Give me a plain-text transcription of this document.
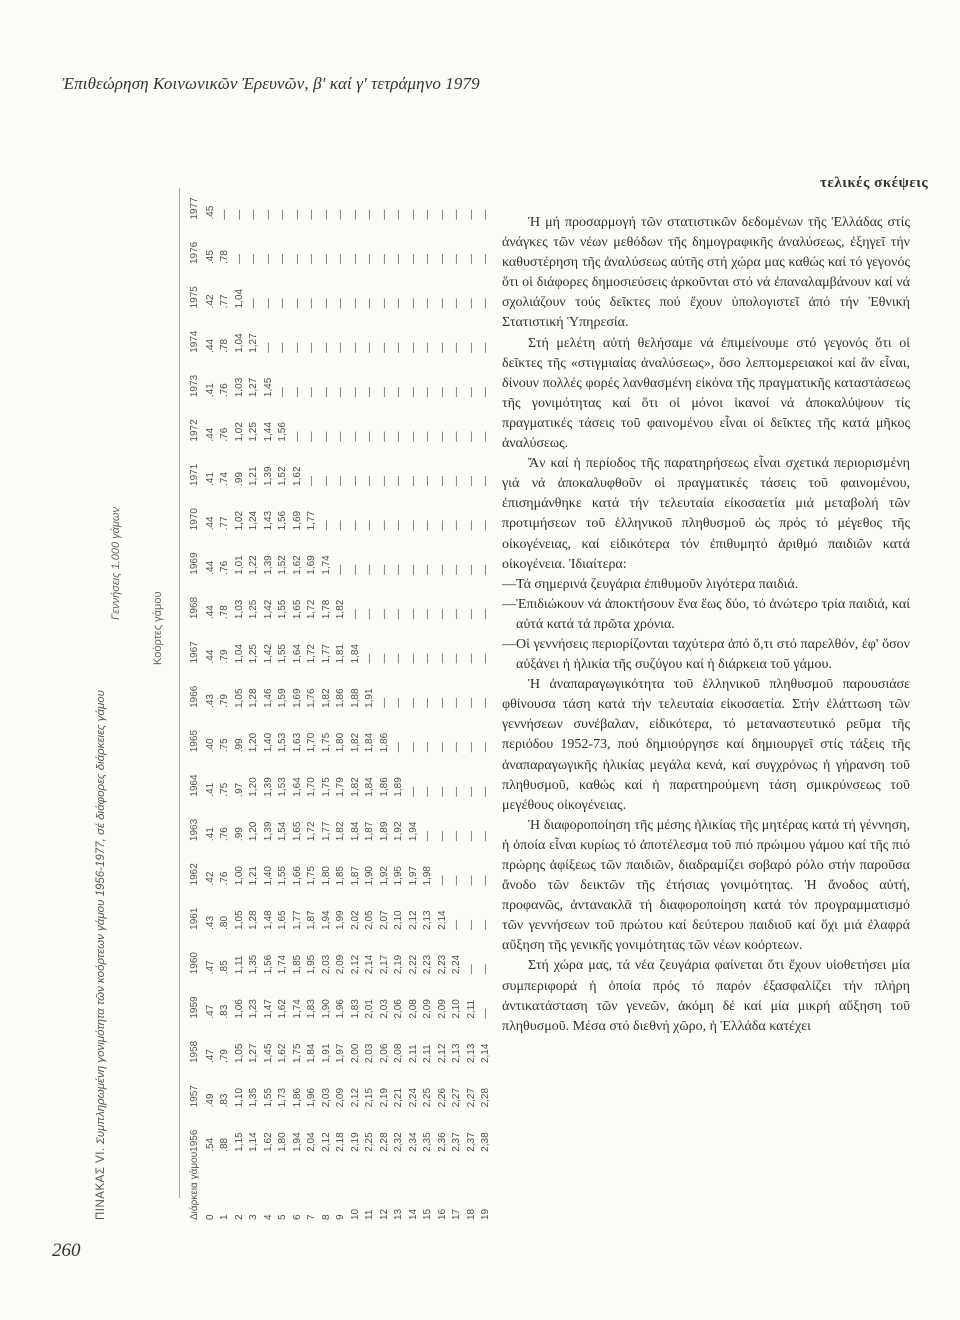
Ἐπιθεώρηση Κοινωνικῶν Ἐρευνῶν, β' καί γ' τετράμηνο 1979
ΠΙΝΑΚΑΣ VI. Συμπληρωμένη γονιμότητα τῶν κοόρτεων γάμου 1956-1977, σέ διάφορες διάρκειες γάμου
Γεννήσεις 1.000 γάμων
Κοόρτες γάμου
Διάρκεια γάμου	1956	1957	1958	1959	1960	1961	1962	1963	1964	1965	1966	1967	1968	1969	1970	1971	1972	1973	1974	1975	1976	1977
0	.54	.49	.47	.47	.47	.43	.42	.41	.41	.40	.43	.44	.44	.44	.44	.41	.44	.41	.44	.42	.45	.45
1	.88	.83	.79	.83	.85	.80	.76	.76	.75	.75	.79	.79	.78	.76	.77	.74	.76	.76	.78	.77	.78	—
2	1,15	1,10	1,05	1,06	1,11	1,05	1,00	.99	.97	.99	1,05	1,04	1,03	1,01	1,02	.99	1,02	1,03	1,04	1,04	—	—
3	1,14	1,35	1,27	1,23	1,35	1,28	1,21	1,20	1,20	1,20	1,28	1,25	1,25	1,22	1,24	1,21	1,25	1,27	1,27	—	—	—
4	1,62	1,55	1,45	1,47	1,56	1,48	1,40	1,39	1,39	1,40	1,46	1,42	1,42	1,39	1,43	1,39	1,44	1,45	—	—	—	—
5	1,80	1,73	1,62	1,62	1,74	1,65	1,55	1,54	1,53	1,53	1,59	1,55	1,55	1,52	1,56	1,52	1,56	—	—	—	—	—
6	1,94	1,86	1,75	1,74	1,85	1,77	1,66	1,65	1,64	1,63	1,69	1,64	1,65	1,62	1,69	1,62	—	—	—	—	—	—
7	2,04	1,96	1,84	1,83	1,95	1,87	1,75	1,72	1,70	1,70	1,76	1,72	1,72	1,69	1,77	—	—	—	—	—	—	—
8	2,12	2,03	1,91	1,90	2,03	1,94	1,80	1,77	1,75	1,75	1,82	1,77	1,78	1,74	—	—	—	—	—	—	—	—
9	2,18	2,09	1,97	1,96	2,09	1,99	1,85	1,82	1,79	1,80	1,86	1,81	1,82	—	—	—	—	—	—	—	—	—
10	2,19	2,12	2,00	1,83	2,12	2,02	1,87	1,84	1,82	1,82	1,88	1,84	—	—	—	—	—	—	—	—	—	—
11	2,25	2,15	2,03	2,01	2,14	2,05	1,90	1,87	1,84	1,84	1,91	—	—	—	—	—	—	—	—	—	—	—
12	2,28	2,19	2,06	2,03	2,17	2,07	1,92	1,89	1,86	1,86	—	—	—	—	—	—	—	—	—	—	—	—
13	2,32	2,21	2,08	2,06	2,19	2,10	1,95	1,92	1,89	—	—	—	—	—	—	—	—	—	—	—	—	—
14	2,34	2,24	2,11	2,08	2,22	2,12	1,97	1,94	—	—	—	—	—	—	—	—	—	—	—	—	—	—
15	2,35	2,25	2,11	2,09	2,23	2,13	1,98	—	—	—	—	—	—	—	—	—	—	—	—	—	—	—
16	2,36	2,26	2,12	2,09	2,23	2,14	—	—	—	—	—	—	—	—	—	—	—	—	—	—	—	—
17	2,37	2,27	2,13	2,10	2,24	—	—	—	—	—	—	—	—	—	—	—	—	—	—	—	—	—
18	2,37	2,27	2,13	2,11	—	—	—	—	—	—	—	—	—	—	—	—	—	—	—	—	—	—
19	2,38	2,28	2,14	—	—	—	—	—	—	—	—	—	—	—	—	—	—	—	—	—	—	—
τελικές σκέψεις

Ἡ μή προσαρμογή τῶν στατιστικῶν δεδομένων τῆς Ἑλλάδας στίς ἀνάγκες τῶν νέων μεθόδων τῆς δημογραφικῆς ἀναλύσεως, ἐξηγεῖ τήν καθυστέρηση τῆς ἀναλύσεως αὐτῆς στή χώρα μας καθώς καί τό γεγονός ὅτι οἱ διάφορες δημοσιεύσεις ἀρκοῦνται στό νά ἐπαναλαμβάνουν καί νά σχολιάζουν τούς δεῖκτες πού ἔχουν ὑπολογιστεῖ ἀπό τήν Ἐθνική Στατιστική Ὑπηρεσία.

Στή μελέτη αὐτή θελήσαμε νά ἐπιμείνουμε στό γεγονός ὅτι οἱ δεῖκτες τῆς «στιγμιαίας ἀναλύσεως», ὅσο λεπτομερειακοί καί ἄν εἶναι, δίνουν πολλές φορές λανθασμένη εἰκόνα τῆς πραγματικῆς καταστάσεως τῆς γονιμότητας καί ὅτι οἱ μόνοι ἱκανοί νά ἀποκαλύψουν τίς πραγματικές τάσεις τοῦ φαινομένου εἶναι οἱ δεῖκτες τῆς κατά μῆκος ἀναλύσεως.

Ἄν καί ἡ περίοδος τῆς παρατηρήσεως εἶναι σχετικά περιορισμένη γιά νά ἀποκαλυφθοῦν οἱ πραγματικές τάσεις τοῦ φαινομένου, ἐπισημάνθηκε κατά τήν τελευταία εἰκοσαετία μιά μεταβολή τῶν προτιμήσεων τοῦ ἑλληνικοῦ πληθυσμοῦ ὡς πρός τό μέγεθος τῆς οἰκογένειας, καί εἰδικότερα τόν ἐπιθυμητό ἀριθμό παιδιῶν κατά οἰκογένεια. Ἰδιαίτερα:

—Τά σημερινά ζευγάρια ἐπιθυμοῦν λιγότερα παιδιά.

—Ἐπιδιώκουν νά ἀποκτήσουν ἕνα ἕως δύο, τό ἀνώτερο τρία παιδιά, καί αὐτά κατά τά πρῶτα χρόνια.

—Οἱ γεννήσεις περιορίζονται ταχύτερα ἀπό ὅ,τι στό παρελθόν, ἐφ' ὅσον αὐξάνει ἡ ἡλικία τῆς συζύγου καί ἡ διάρκεια τοῦ γάμου.

Ἡ ἀναπαραγωγικότητα τοῦ ἑλληνικοῦ πληθυσμοῦ παρουσιάσε φθίνουσα τάση κατά τήν τελευταία εἰκοσαετία. Στήν ἐλάττωση τῶν γεννήσεων συνέβαλαν, εἰδικότερα, τό μεταναστευτικό ρεῦμα τῆς περιόδου 1952-73, πού δημιούργησε καί δημιουργεῖ στίς τάξεις τῆς ἀναπαραγωγικῆς ἡλικίας μεγάλα κενά, καί συγχρόνως ἡ γήρανση τοῦ πληθυσμοῦ, καθώς καί ἡ παρατηρούμενη τάση σμικρύνσεως τοῦ μεγέθους οἰκογένειας.

Ἡ διαφοροποίηση τῆς μέσης ἡλικίας τῆς μητέρας κατά τή γέννηση, ἡ ὁποία εἶναι κυρίως τό ἀποτέλεσμα τοῦ πιό πρώιμου γάμου καί τῆς πιό πρώρης ἀφίξεως τῶν παιδιῶν, διαδραμίζει σοβαρό ρόλο στήν παροῦσα ἄνοδο τῶν δεικτῶν τῆς ἐτήσιας γονιμότητας. Ἡ ἄνοδος αὐτή, προφανῶς, ἀντανακλᾶ τή διαφοροποίηση κατά τόν προγραμματισμό τῶν γεννήσεων τοῦ πρώτου καί δεύτερου παιδιοῦ καί ὄχι μιά ἐλαφρά αὔξηση τῆς γενικῆς γονιμότητας τῶν νέων κοόρτεων.

Στή χώρα μας, τά νέα ζευγάρια φαίνεται ὅτι ἔχουν υἱοθετήσει μία συμπεριφορά ἡ ὁποία πρός τό παρόν ἐξασφαλίζει τήν πλήρη ἀντικατάσταση τῶν γενεῶν, ἀκόμη δέ καί μία μικρή αὔξηση τοῦ πληθυσμοῦ. Μέσα στό διεθνή χῶρο, ἡ Ἑλλάδα κατέχει

260
